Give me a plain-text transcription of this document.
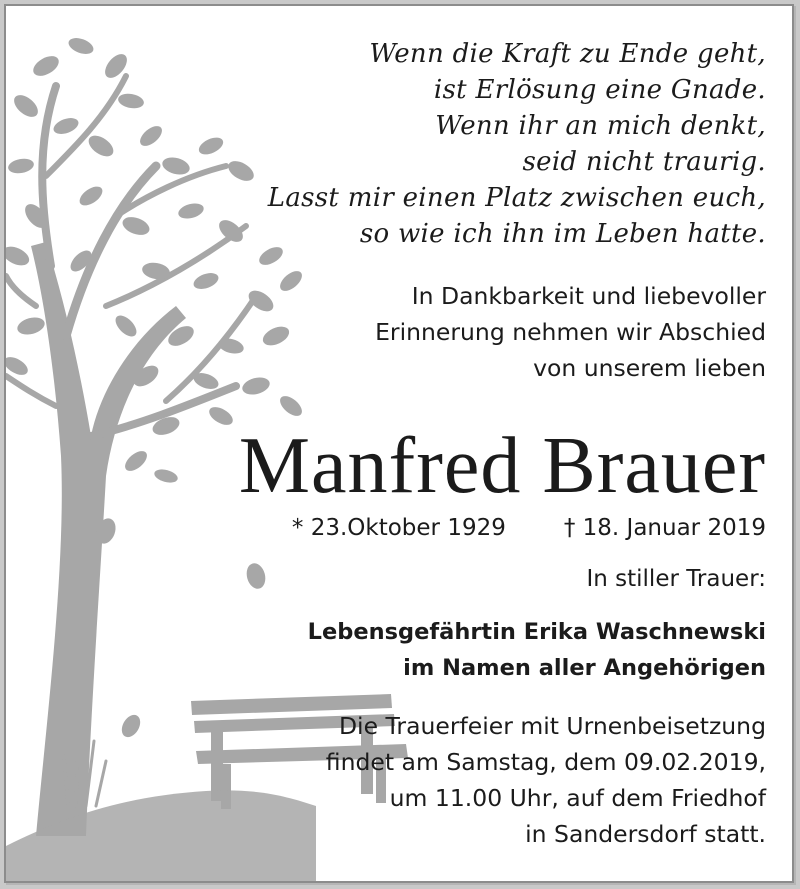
Wenn die Kraft zu Ende geht,
ist Erlösung eine Gnade.
Wenn ihr an mich denkt,
seid nicht traurig.
Lasst mir einen Platz zwischen euch,
so wie ich ihn im Leben hatte.
In Dankbarkeit und liebevoller
Erinnerung nehmen wir Abschied
von unserem lieben
Manfred Brauer
* 23.Oktober 1929	† 18. Januar 2019
In stiller Trauer:
Lebensgefährtin Erika Waschnewski
im Namen aller Angehörigen
Die Trauerfeier mit Urnenbeisetzung
findet am Samstag, dem 09.02.2019,
um 11.00 Uhr, auf dem Friedhof
in Sandersdorf statt.
